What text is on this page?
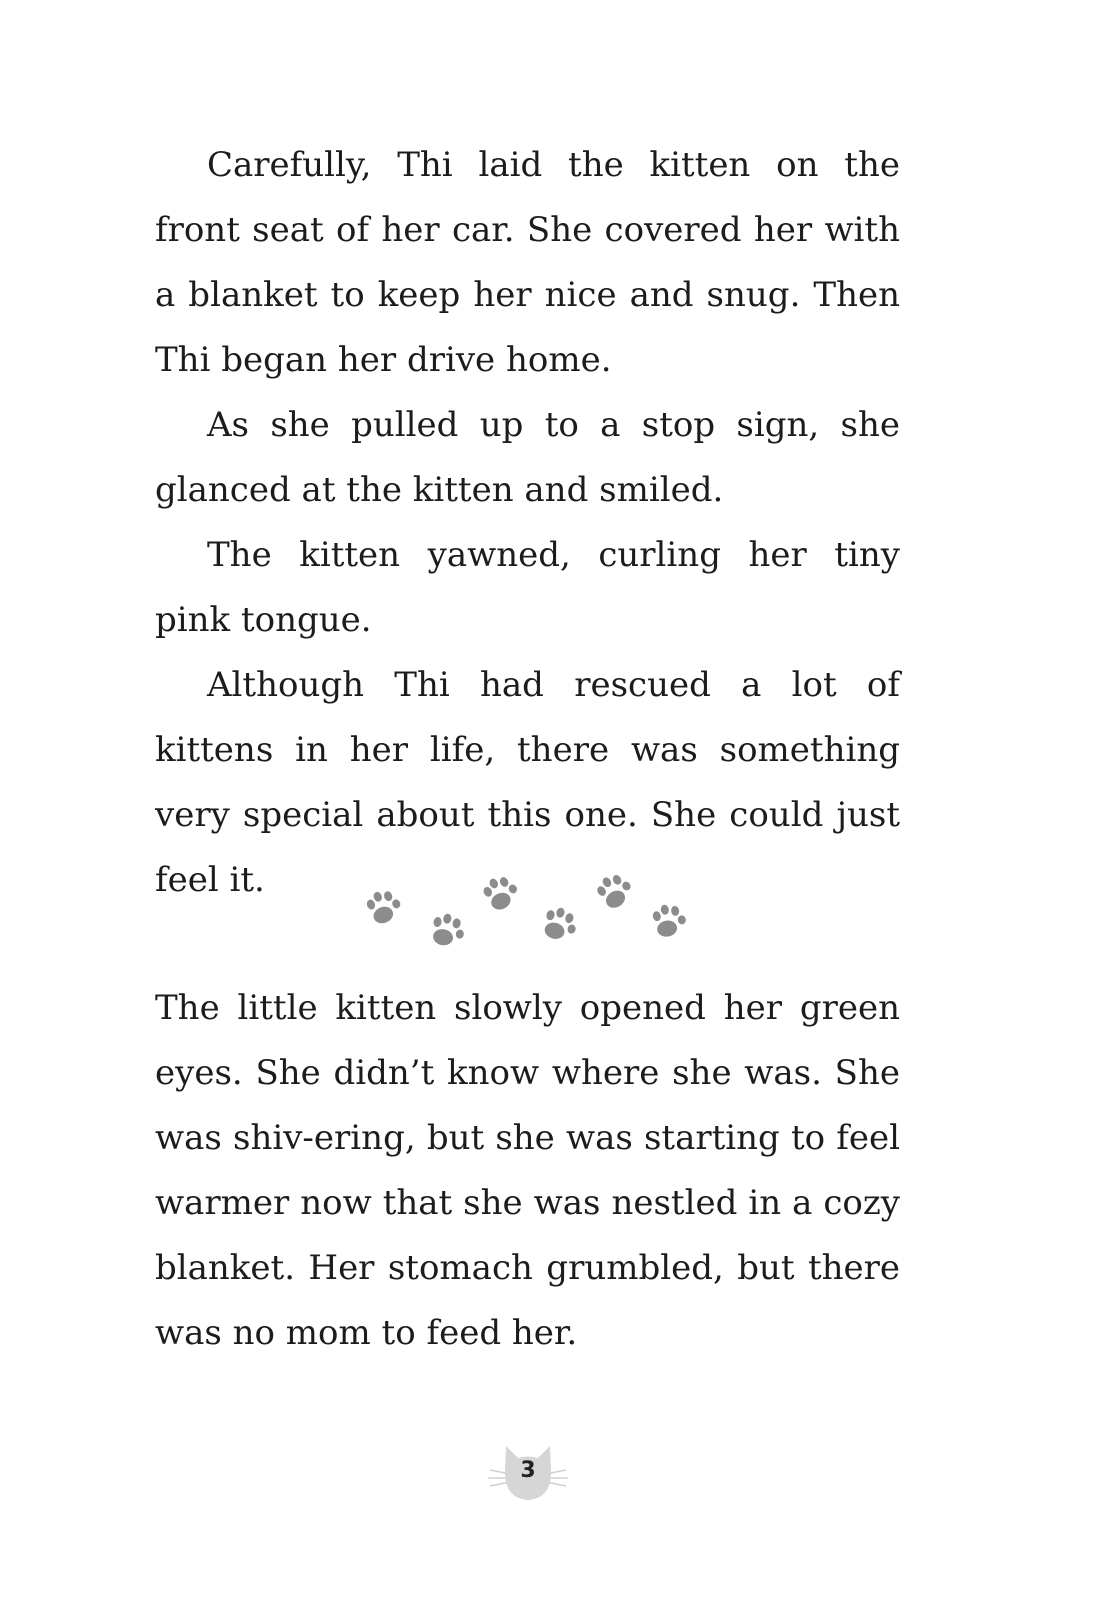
Carefully, Thi laid the kitten on the front seat of her car. She covered her with a blanket to keep her nice and snug. Then Thi began her drive home.

As she pulled up to a stop sign, she glanced at the kitten and smiled.

The kitten yawned, curling her tiny pink tongue.

Although Thi had rescued a lot of kittens in her life, there was something very special about this one. She could just feel it.

The little kitten slowly opened her green eyes. She didn’t know where she was. She was shiv-ering, but she was starting to feel warmer now that she was nestled in a cozy blanket. Her stomach grumbled, but there was no mom to feed her.

3
